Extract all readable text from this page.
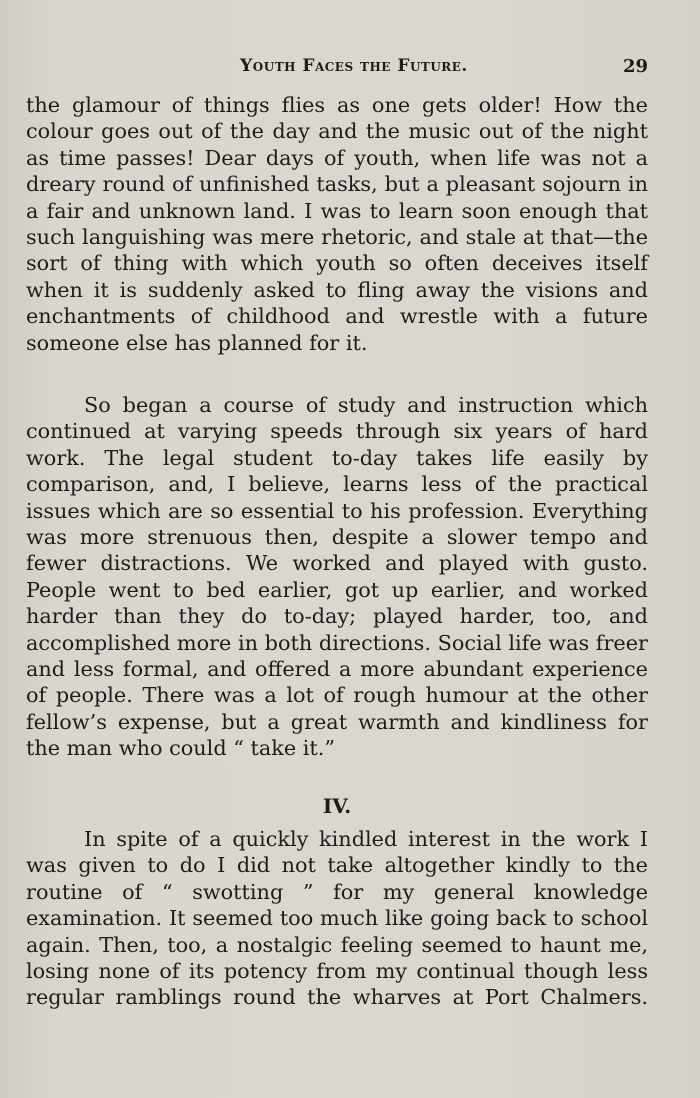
Youth Faces the Future.	29

the glamour of things flies as one gets older! How the colour goes out of the day and the music out of the night as time passes! Dear days of youth, when life was not a dreary round of unfinished tasks, but a pleasant sojourn in a fair and unknown land. I was to learn soon enough that such languishing was mere rhetoric, and stale at that—the sort of thing with which youth so often deceives itself when it is suddenly asked to fling away the visions and enchantments of childhood and wrestle with a future someone else has planned for it.

So began a course of study and instruction which continued at varying speeds through six years of hard work. The legal student to-day takes life easily by comparison, and, I believe, learns less of the practical issues which are so essential to his profession. Everything was more strenuous then, despite a slower tempo and fewer distractions. We worked and played with gusto. People went to bed earlier, got up earlier, and worked harder than they do to-day; played harder, too, and accomplished more in both directions. Social life was freer and less formal, and offered a more abundant experience of people. There was a lot of rough humour at the other fellow’s expense, but a great warmth and kindliness for the man who could “ take it.”

IV.

In spite of a quickly kindled interest in the work I was given to do I did not take altogether kindly to the routine of “ swotting ” for my general knowledge examination. It seemed too much like going back to school again. Then, too, a nostalgic feeling seemed to haunt me, losing none of its potency from my continual though less regular ramblings round the wharves at Port Chalmers.
